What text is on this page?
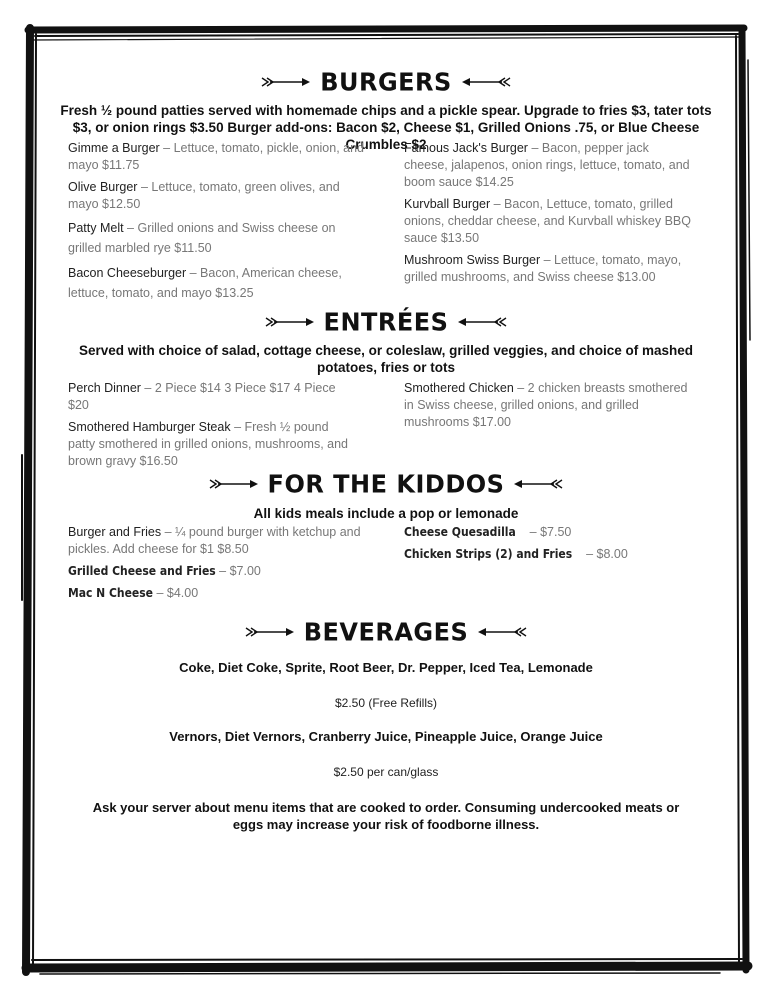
BURGERS
Fresh ½ pound patties served with homemade chips and a pickle spear. Upgrade to fries $3, tater tots $3, or onion rings $3.50 Burger add-ons: Bacon $2, Cheese $1, Grilled Onions .75, or Blue Cheese Crumbles $2
Gimme a Burger – Lettuce, tomato, pickle, onion, and mayo $11.75
Olive Burger – Lettuce, tomato, green olives, and mayo $12.50
Patty Melt – Grilled onions and Swiss cheese on grilled marbled rye $11.50
Bacon Cheeseburger – Bacon, American cheese, lettuce, tomato, and mayo $13.25
Famous Jack's Burger – Bacon, pepper jack cheese, jalapenos, onion rings, lettuce, tomato, and boom sauce $14.25
Kurvball Burger – Bacon, Lettuce, tomato, grilled onions, cheddar cheese, and Kurvball whiskey BBQ sauce $13.50
Mushroom Swiss Burger – Lettuce, tomato, mayo, grilled mushrooms, and Swiss cheese $13.00
ENTRÉES
Served with choice of salad, cottage cheese, or coleslaw, grilled veggies, and choice of mashed potatoes, fries or tots
Perch Dinner – 2 Piece $14 3 Piece $17 4 Piece $20
Smothered Hamburger Steak – Fresh ½ pound patty smothered in grilled onions, mushrooms, and brown gravy $16.50
Smothered Chicken – 2 chicken breasts smothered in Swiss cheese, grilled onions, and grilled mushrooms $17.00
FOR THE KIDDOS
All kids meals include a pop or lemonade
Burger and Fries – ¼ pound burger with ketchup and pickles. Add cheese for $1 $8.50
Grilled Cheese and Fries – $7.00
Mac N Cheese – $4.00
Cheese Quesadilla    – $7.50
Chicken Strips (2) and Fries    – $8.00
BEVERAGES
Coke, Diet Coke, Sprite, Root Beer, Dr. Pepper, Iced Tea, Lemonade
$2.50 (Free Refills)
Vernors, Diet Vernors, Cranberry Juice, Pineapple Juice, Orange Juice
$2.50 per can/glass
Ask your server about menu items that are cooked to order. Consuming undercooked meats or eggs may increase your risk of foodborne illness.
